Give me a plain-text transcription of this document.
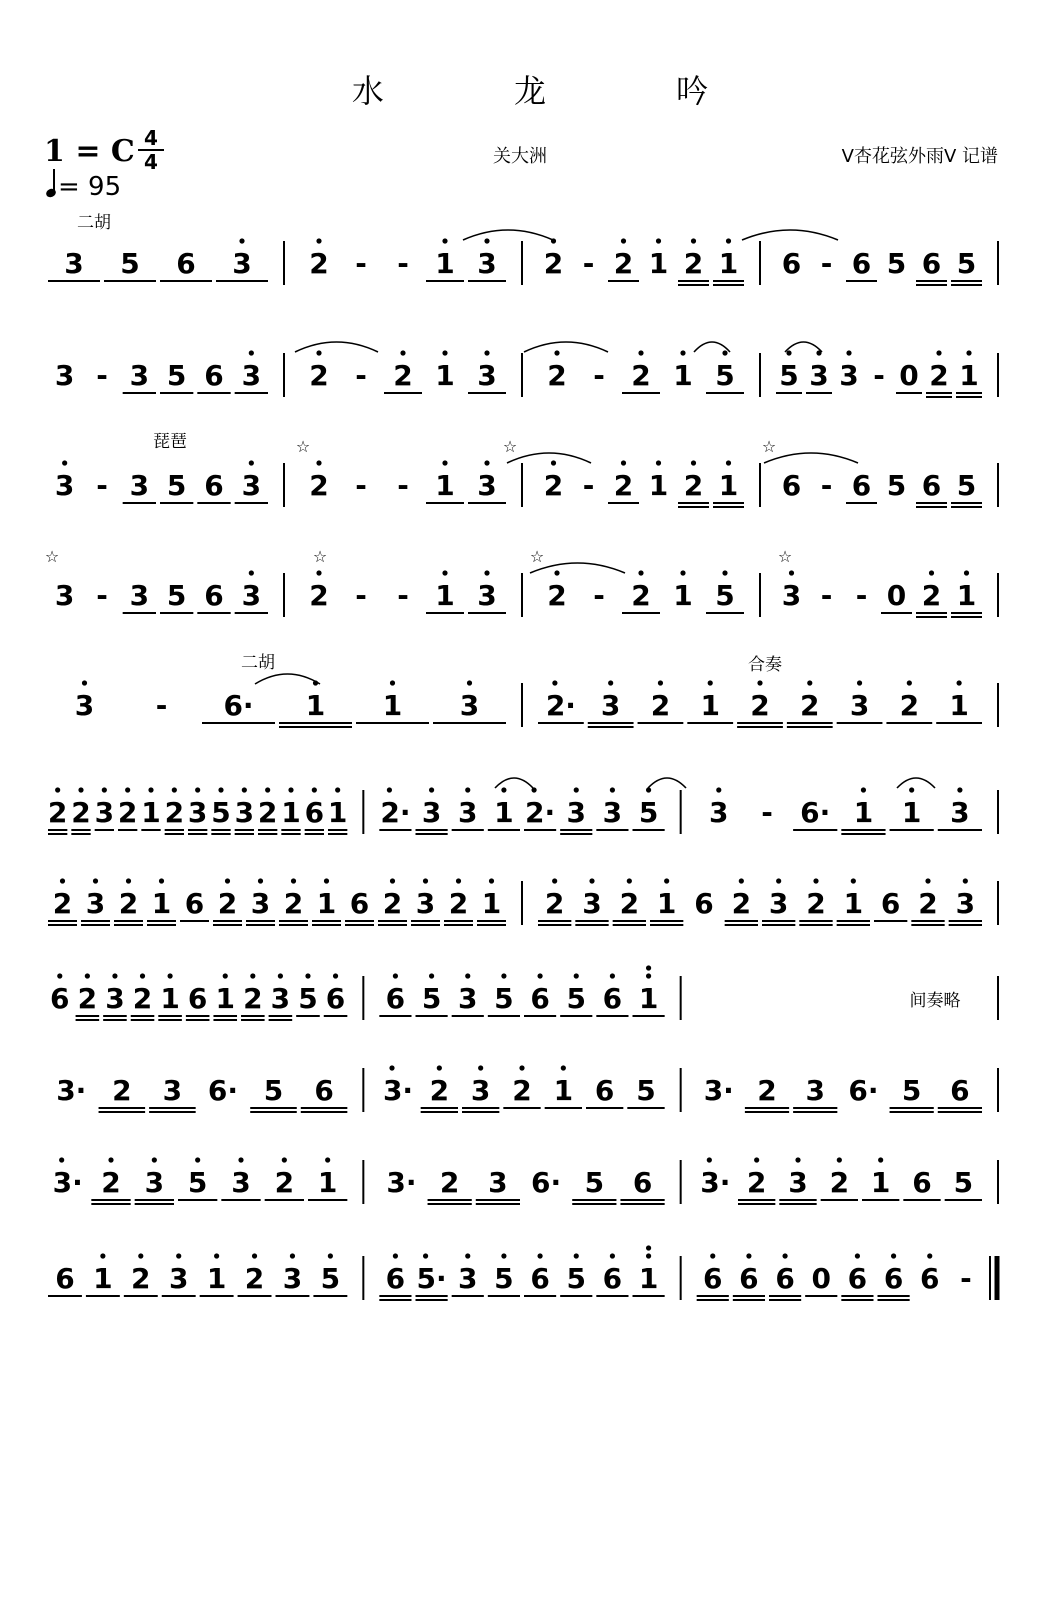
水 龙 吟
1 = C 4
4
= 95
关大洲	V杏花弦外雨V 记谱
3 5 6 3 2 - - 1 3 2 - 2 1 2 1 6 - 6 5 6 5
3 - 3 5 6 3 2 - 2 1 3 2 - 2 1 5 5 3 3 - 0 2 1
3 - 3 5 6 3 2 - - 1 3 2 - 2 1 2 1 6 - 6 5 6 5
3 - 3 5 6 3 2 - - 1 3 2 - 2 1 5 3 - - 0 2 1
3 - 6· 1 1 3 2· 3 2 1 2 2 3 2 1
2 2 3 2 1 2 3 5 3 2 1 6 1 2· 3 3 1 2· 3 3 5 3 - 6· 1 1 3
2 3 2 1 6 2 3 2 1 6 2 3 2 1 2 3 2 1 6 2 3 2 1 6 2 3
6 2 3 2 1 6 1 2 3 5 6 6 5 3 5 6 5 6 1
3· 2 3 6· 5 6 3· 2 3 2 1 6 5 3· 2 3 6· 5 6
3· 2 3 5 3 2 1 3· 2 3 6· 5 6 3· 2 3 2 1 6 5
6 1 2 3 1 2 3 5 6 5· 3 5 6 5 6 1 6 6 6 0 6 6 6 -
☆	☆	☆
☆	☆	☆	☆
二胡
琵琶
二胡	合奏
间奏略
